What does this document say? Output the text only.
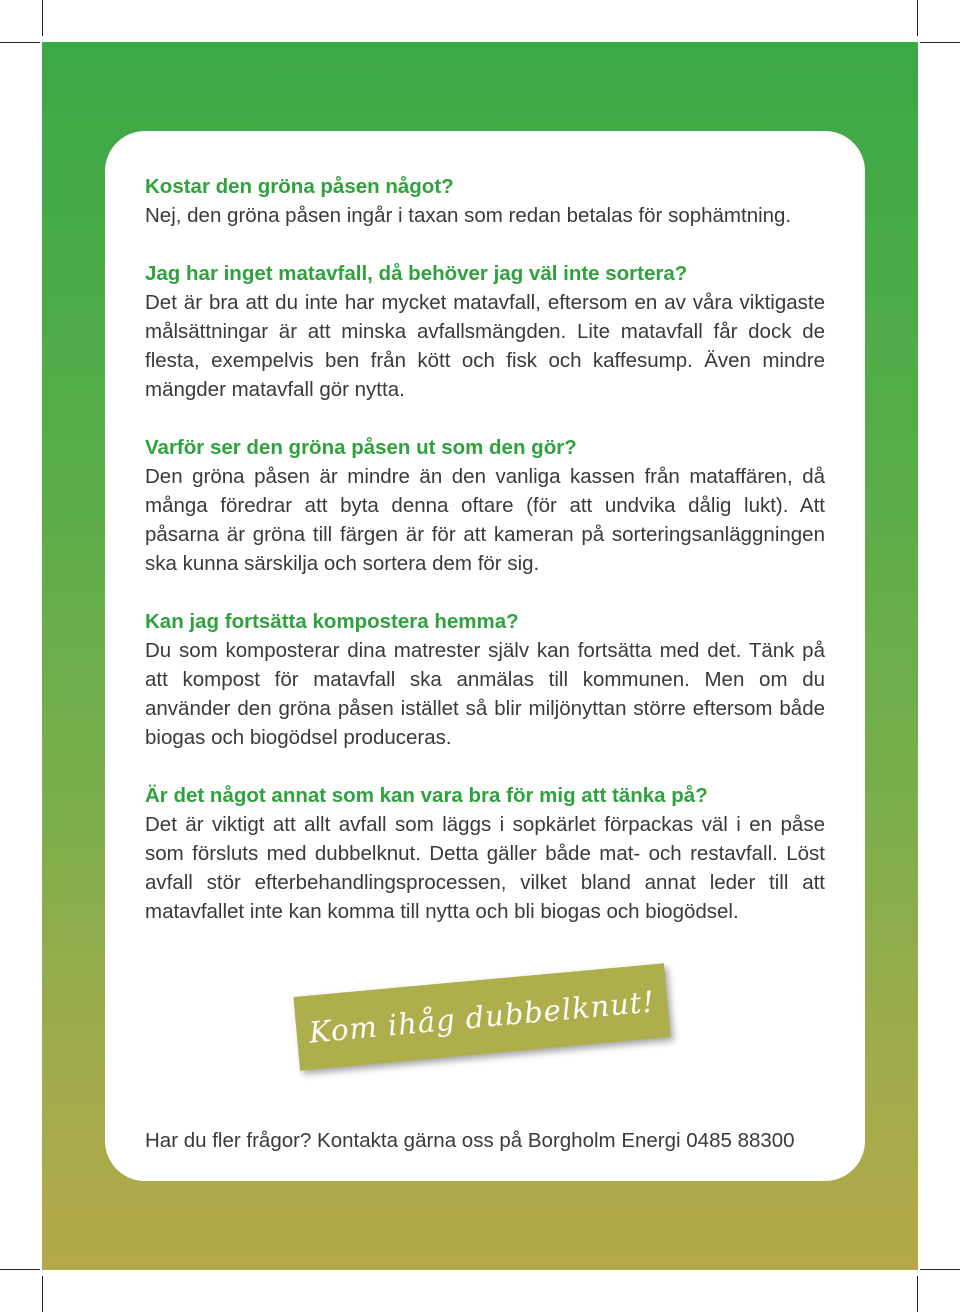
Kostar den gröna påsen något?

Nej, den gröna påsen ingår i taxan som redan betalas för sophämtning.

Jag har inget matavfall, då behöver jag väl inte sortera?

Det är bra att du inte har mycket matavfall, eftersom en av våra viktigaste målsättningar är att minska avfallsmängden. Lite matavfall får dock de flesta, exempelvis ben från kött och fisk och kaffesump. Även mindre mängder matavfall gör nytta.

Varför ser den gröna påsen ut som den gör?

Den gröna påsen är mindre än den vanliga kassen från mataffären, då många föredrar att byta denna oftare (för att undvika dålig lukt). Att påsarna är gröna till färgen är för att kameran på sorteringsanläggningen ska kunna särskilja och sortera dem för sig.

Kan jag fortsätta kompostera hemma?

Du som komposterar dina matrester själv kan fortsätta med det. Tänk på att kompost för matavfall ska anmälas till kommunen. Men om du använder den gröna påsen istället så blir miljönyttan större eftersom både biogas och biogödsel produceras.

Är det något annat som kan vara bra för mig att tänka på?

Det är viktigt att allt avfall som läggs i sopkärlet förpackas väl i en påse som försluts med dubbelknut. Detta gäller både mat- och restavfall. Löst avfall stör efterbehandlingsprocessen, vilket bland annat leder till att matavfallet inte kan komma till nytta och bli biogas och biogödsel.

Kom ihåg dubbelknut!
Har du fler frågor? Kontakta gärna oss på Borgholm Energi 0485 88300
